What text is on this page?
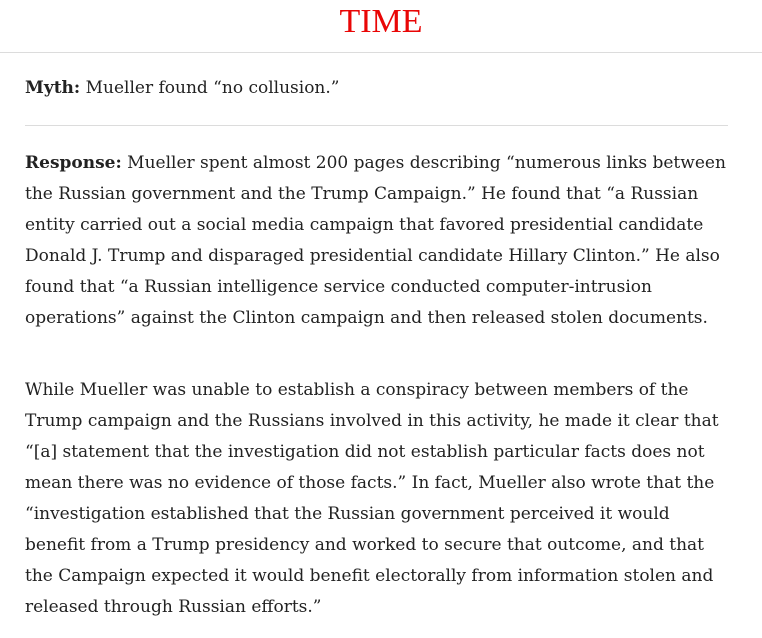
TIME

Myth: Mueller found “no collusion.”

Response: Mueller spent almost 200 pages describing “numerous links between the Russian government and the Trump Campaign.” He found that “a Russian entity carried out a social media campaign that favored presidential candidate Donald J. Trump and disparaged presidential candidate Hillary Clinton.” He also found that “a Russian intelligence service conducted computer-intrusion operations” against the Clinton campaign and then released stolen documents.

While Mueller was unable to establish a conspiracy between members of the Trump campaign and the Russians involved in this activity, he made it clear that “[a] statement that the investigation did not establish particular facts does not mean there was no evidence of those facts.” In fact, Mueller also wrote that the “investigation established that the Russian government perceived it would benefit from a Trump presidency and worked to secure that outcome, and that the Campaign expected it would benefit electorally from information stolen and released through Russian efforts.”
